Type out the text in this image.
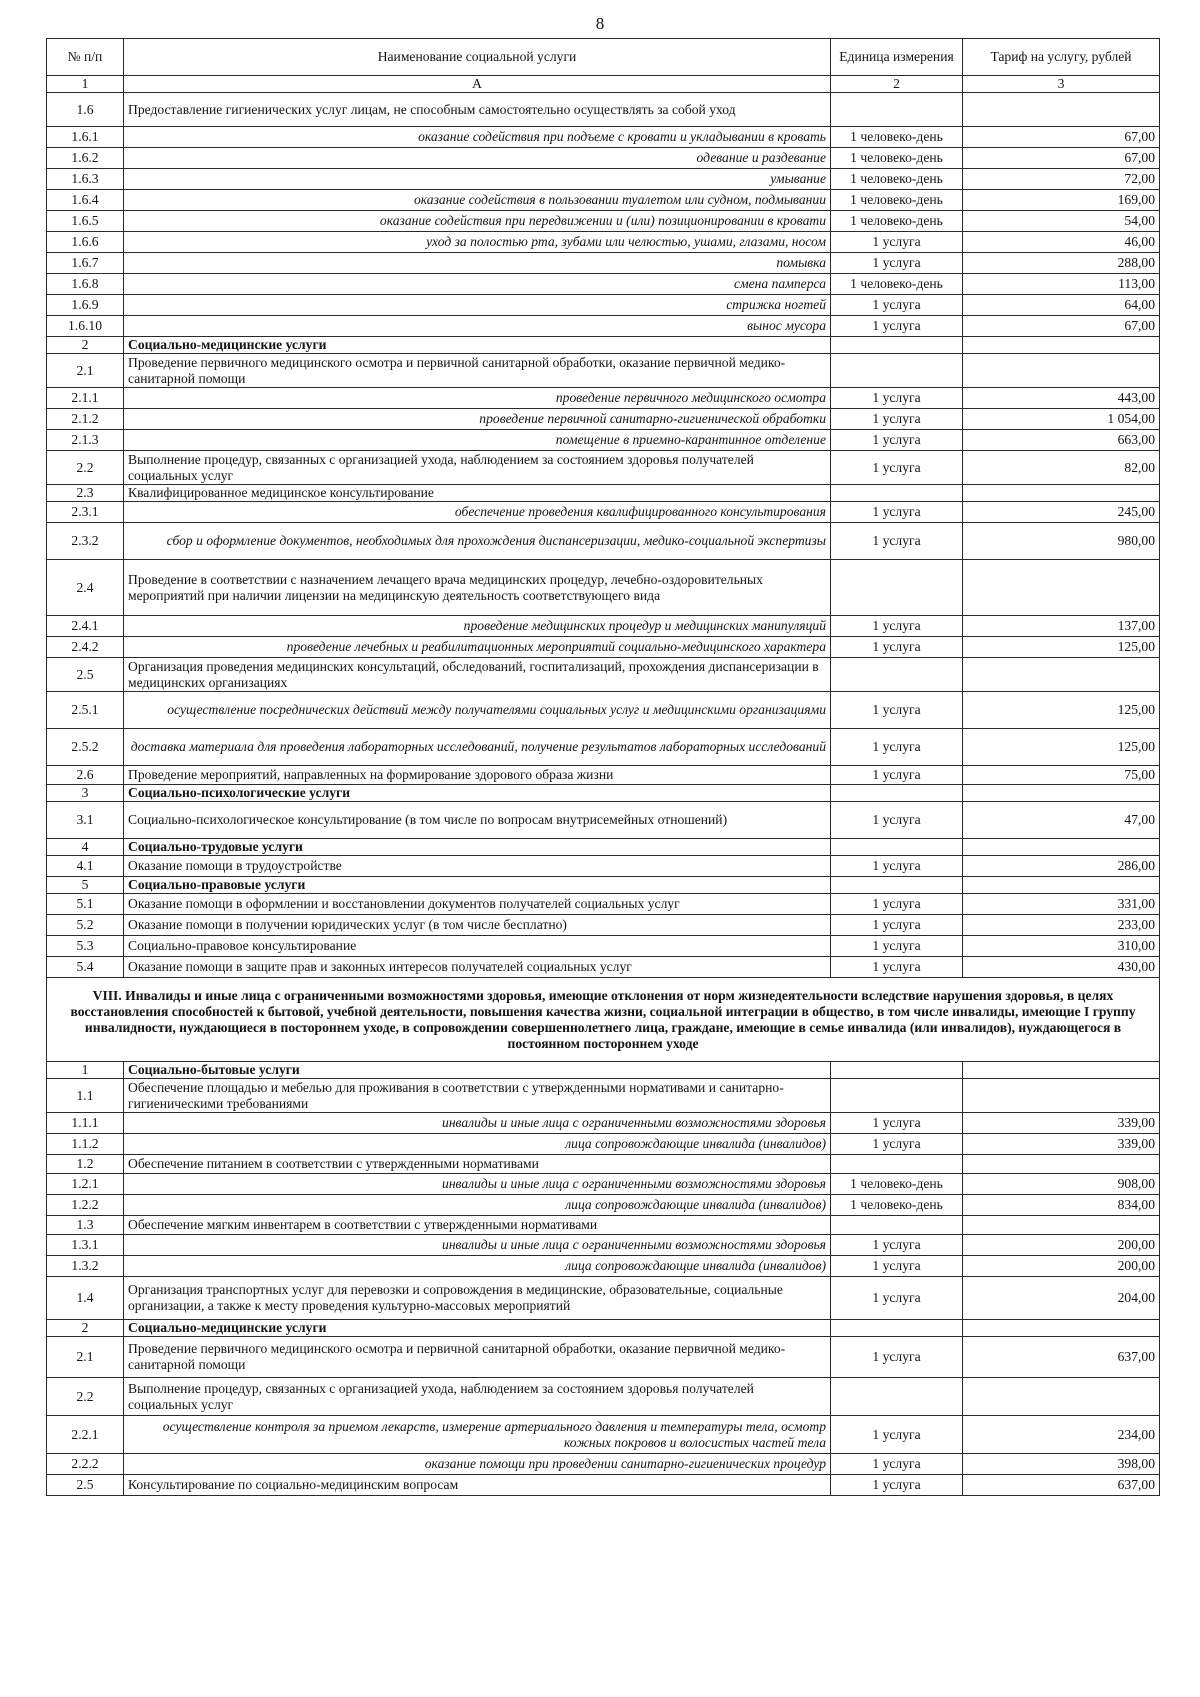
8
№ п/п	Наименование социальной услуги	Единица измерения	Тариф на услугу, рублей
1	А	2	3
1.6	Предоставление гигиенических услуг лицам, не способным самостоятельно осуществлять за собой уход		
1.6.1	оказание содействия при подъеме с кровати и укладывании в кровать	1 человеко-день	67,00
1.6.2	одевание и раздевание	1 человеко-день	67,00
1.6.3	умывание	1 человеко-день	72,00
1.6.4	оказание содействия в пользовании туалетом или судном, подмывании	1 человеко-день	169,00
1.6.5	оказание содействия при передвижении и (или) позиционировании в кровати	1 человеко-день	54,00
1.6.6	уход за полостью рта, зубами или челюстью, ушами, глазами, носом	1 услуга	46,00
1.6.7	помывка	1 услуга	288,00
1.6.8	смена памперса	1 человеко-день	113,00
1.6.9	стрижка ногтей	1 услуга	64,00
1.6.10	вынос мусора	1 услуга	67,00
2	Социально-медицинские услуги		
2.1	Проведение первичного медицинского осмотра и первичной санитарной обработки, оказание первичной медико-санитарной помощи		
2.1.1	проведение первичного медицинского осмотра	1 услуга	443,00
2.1.2	проведение первичной санитарно-гигиенической обработки	1 услуга	1 054,00
2.1.3	помещение в приемно-карантинное отделение	1 услуга	663,00
2.2	Выполнение процедур, связанных с организацией ухода, наблюдением за состоянием здоровья получателей социальных услуг	1 услуга	82,00
2.3	Квалифицированное медицинское консультирование		
2.3.1	обеспечение проведения квалифицированного консультирования	1 услуга	245,00
2.3.2	сбор и оформление документов, необходимых для прохождения диспансеризации, медико-социальной экспертизы	1 услуга	980,00
2.4	Проведение в соответствии с назначением лечащего врача медицинских процедур, лечебно-оздоровительных мероприятий при наличии лицензии на медицинскую деятельность соответствующего вида		
2.4.1	проведение медицинских процедур и медицинских манипуляций	1 услуга	137,00
2.4.2	проведение лечебных и реабилитационных мероприятий социально-медицинского характера	1 услуга	125,00
2.5	Организация проведения медицинских консультаций, обследований, госпитализаций, прохождения диспансеризации в медицинских организациях		
2.5.1	осуществление посреднических действий между получателями социальных услуг и медицинскими организациями	1 услуга	125,00
2.5.2	доставка материала для проведения лабораторных исследований, получение результатов лабораторных исследований	1 услуга	125,00
2.6	Проведение мероприятий, направленных на формирование здорового образа жизни	1 услуга	75,00
3	Социально-психологические услуги		
3.1	Социально-психологическое консультирование (в том числе по вопросам внутрисемейных отношений)	1 услуга	47,00
4	Социально-трудовые услуги		
4.1	Оказание помощи в трудоустройстве	1 услуга	286,00
5	Социально-правовые услуги		
5.1	Оказание помощи в оформлении и восстановлении документов получателей социальных услуг	1 услуга	331,00
5.2	Оказание помощи в получении юридических услуг (в том числе бесплатно)	1 услуга	233,00
5.3	Социально-правовое консультирование	1 услуга	310,00
5.4	Оказание помощи в защите прав и законных интересов получателей социальных услуг	1 услуга	430,00
VIII. Инвалиды и иные лица с ограниченными возможностями здоровья, имеющие отклонения от норм жизнедеятельности вследствие нарушения здоровья, в целях восстановления способностей к бытовой, учебной деятельности, повышения качества жизни, социальной интеграции в общество, в том числе инвалиды, имеющие I группу инвалидности, нуждающиеся в постороннем уходе, в сопровождении совершеннолетнего лица, граждане, имеющие в семье инвалида (или инвалидов), нуждающегося в постоянном постороннем уходе			
1	Социально-бытовые услуги		
1.1	Обеспечение площадью и мебелью для проживания в соответствии с утвержденными нормативами и санитарно-гигиеническими требованиями		
1.1.1	инвалиды и иные лица с ограниченными возможностями здоровья	1 услуга	339,00
1.1.2	лица сопровождающие инвалида (инвалидов)	1 услуга	339,00
1.2	Обеспечение питанием в соответствии с утвержденными нормативами		
1.2.1	инвалиды и иные лица с ограниченными возможностями здоровья	1 человеко-день	908,00
1.2.2	лица сопровождающие инвалида (инвалидов)	1 человеко-день	834,00
1.3	Обеспечение мягким инвентарем в соответствии с утвержденными нормативами		
1.3.1	инвалиды и иные лица с ограниченными возможностями здоровья	1 услуга	200,00
1.3.2	лица сопровождающие инвалида (инвалидов)	1 услуга	200,00
1.4	Организация транспортных услуг для перевозки и сопровождения в медицинские, образовательные, социальные организации, а также к месту проведения культурно-массовых мероприятий	1 услуга	204,00
2	Социально-медицинские услуги		
2.1	Проведение первичного медицинского осмотра и первичной санитарной обработки, оказание первичной медико-санитарной помощи	1 услуга	637,00
2.2	Выполнение процедур, связанных с организацией ухода, наблюдением за состоянием здоровья получателей социальных услуг		
2.2.1	осуществление контроля за приемом лекарств, измерение артериального давления и температуры тела, осмотр кожных покровов и волосистых частей тела	1 услуга	234,00
2.2.2	оказание помощи при проведении санитарно-гигиенических процедур	1 услуга	398,00
2.5	Консультирование по социально-медицинским вопросам	1 услуга	637,00
